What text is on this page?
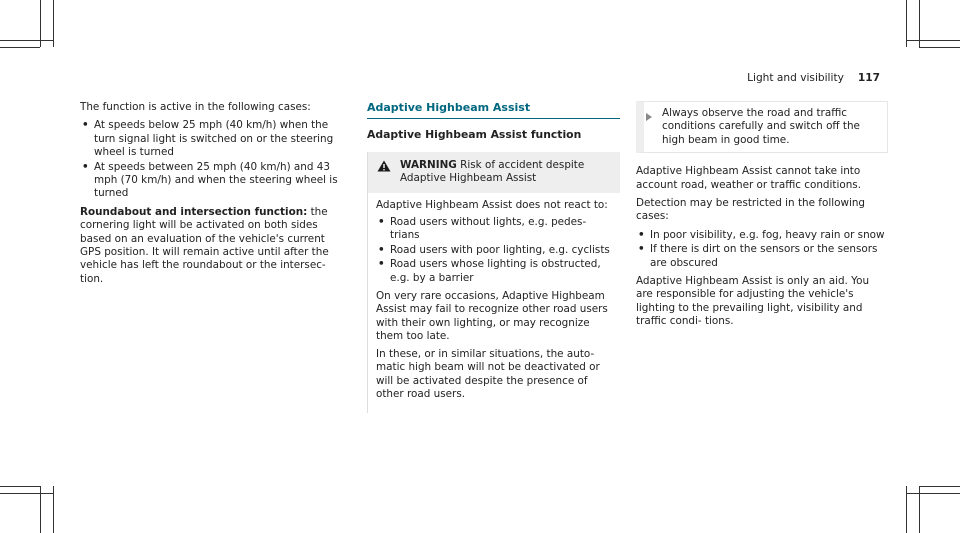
Light and visibility 117

The function is active in the following cases:

• At speeds below 25 mph (40 km/h) when the turn signal light is switched on or the steering wheel is turned
• At speeds between 25 mph (40 km/h) and 43 mph (70 km/h) and when the steering wheel is turned

Roundabout and intersection function: the cornering light will be activated on both sides based on an evaluation of the vehicle's current GPS position. It will remain active until after the vehicle has left the roundabout or the intersec- tion.

Adaptive Highbeam Assist
Adaptive Highbeam Assist function
WARNING Risk of accident despite Adaptive Highbeam Assist

Adaptive Highbeam Assist does not react to:

• Road users without lights, e.g. pedes- trians
• Road users with poor lighting, e.g. cyclists
• Road users whose lighting is obstructed, e.g. by a barrier

On very rare occasions, Adaptive Highbeam Assist may fail to recognize other road users with their own lighting, or may recognize them too late.

In these, or in similar situations, the auto- matic high beam will not be deactivated or will be activated despite the presence of other road users.

Always observe the road and traffic conditions carefully and switch off the high beam in good time.

Adaptive Highbeam Assist cannot take into account road, weather or traffic conditions.

Detection may be restricted in the following cases:

• In poor visibility, e.g. fog, heavy rain or snow
• If there is dirt on the sensors or the sensors are obscured

Adaptive Highbeam Assist is only an aid. You are responsible for adjusting the vehicle's lighting to the prevailing light, visibility and traffic condi- tions.
